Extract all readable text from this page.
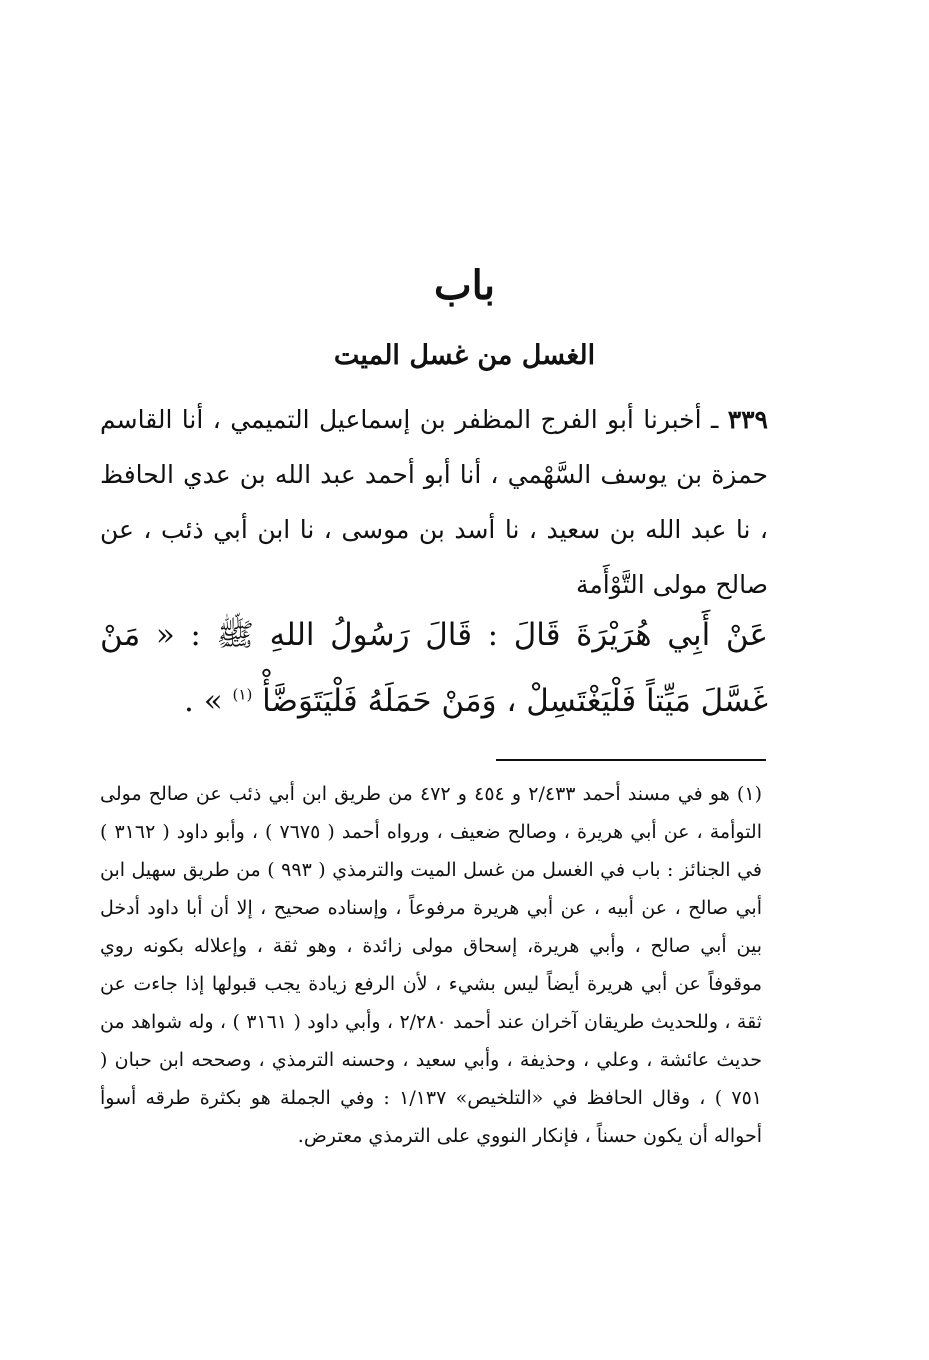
باب
الغسل من غسل الميت
٣٣٩ ـ أخبرنا أبو الفرج المظفر بن إسماعيل التميمي ، أنا القاسم حمزة بن يوسف السَّهْمي ، أنا أبو أحمد عبد الله بن عدي الحافظ ، نا عبد الله بن سعيد ، نا أسد بن موسى ، نا ابن أبي ذئب ، عن صالح مولى التَّوْأَمة
عَنْ أَبِي هُرَيْرَةَ قَالَ : قَالَ رَسُولُ اللهِ ﷺ : « مَنْ غَسَّلَ مَيِّتاً فَلْيَغْتَسِلْ ، وَمَنْ حَمَلَهُ فَلْيَتَوَضَّأْ $^{(١)}$ » .
(١) هو في مسند أحمد ٢/٤٣٣ و ٤٥٤ و ٤٧٢ من طريق ابن أبي ذئب عن صالح مولى التوأمة ، عن أبي هريرة ، وصالح ضعيف ، ورواه أحمد ( ٧٦٧٥ ) ، وأبو داود ( ٣١٦٢ ) في الجنائز : باب في الغسل من غسل الميت والترمذي ( ٩٩٣ ) من طريق سهيل ابن أبي صالح ، عن أبيه ، عن أبي هريرة مرفوعاً ، وإسناده صحيح ، إلا أن أبا داود أدخل بين أبي صالح ، وأبي هريرة، إسحاق مولى زائدة ، وهو ثقة ، وإعلاله بكونه روي موقوفاً عن أبي هريرة أيضاً ليس بشيء ، لأن الرفع زيادة يجب قبولها إذا جاءت عن ثقة ، وللحديث طريقان آخران عند أحمد ٢/٢٨٠ ، وأبي داود ( ٣١٦١ ) ، وله شواهد من حديث عائشة ، وعلي ، وحذيفة ، وأبي سعيد ، وحسنه الترمذي ، وصححه ابن حبان ( ٧٥١ ) ، وقال الحافظ في «التلخيص» ١/١٣٧ : وفي الجملة هو بكثرة طرقه أسوأ أحواله أن يكون حسناً ، فإنكار النووي على الترمذي معترض.
